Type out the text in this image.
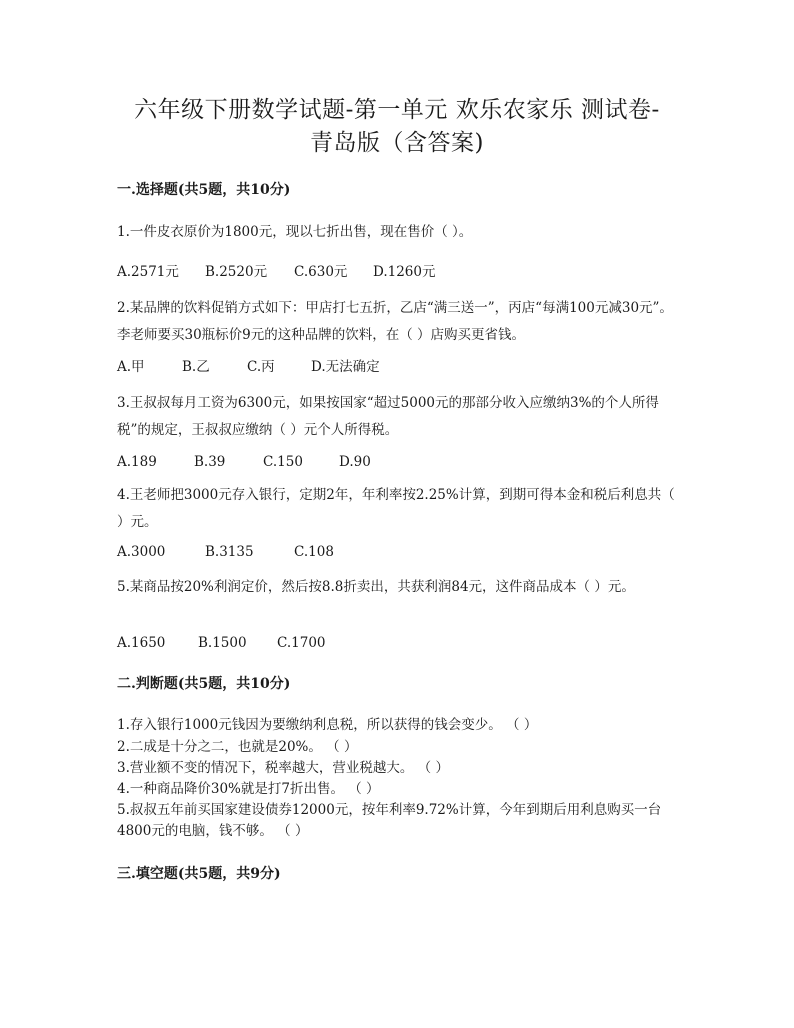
六年级下册数学试题-第一单元 欢乐农家乐 测试卷-
青岛版（含答案)
一.选择题(共5题，共10分)
1.一件皮衣原价为1800元，现以七折出售，现在售价（ ）。
A.2571元 B.2520元 C.630元 D.1260元
2.某品牌的饮料促销方式如下：甲店打七五折，乙店“满三送一”，丙店“每满100元减30元”。李老师要买30瓶标价9元的这种品牌的饮料，在（ ）店购买更省钱。
A.甲	B.乙	C.丙	D.无法确定
3.王叔叔每月工资为6300元，如果按国家“超过5000元的那部分收入应缴纳3%的个人所得税”的规定，王叔叔应缴纳（ ）元个人所得税。
A.189	B.39	C.150	D.90
4.王老师把3000元存入银行，定期2年，年利率按2.25%计算，到期可得本金和税后利息共（ ）元。
A.3000	B.3135	C.108
5.某商品按20%利润定价，然后按8.8折卖出，共获利润84元，这件商品成本（ ）元。
A.1650 B.1500 C.1700
二.判断题(共5题，共10分)
1.存入银行1000元钱因为要缴纳利息税，所以获得的钱会变少。 （ ）
2.二成是十分之二，也就是20%。 （ ）
3.营业额不变的情况下，税率越大，营业税越大。 （ ）
4.一种商品降价30%就是打7折出售。 （ ）
5.叔叔五年前买国家建设债券12000元，按年利率9.72%计算，今年到期后用利息购买一台4800元的电脑，钱不够。 （ ）
三.填空题(共5题，共9分)
